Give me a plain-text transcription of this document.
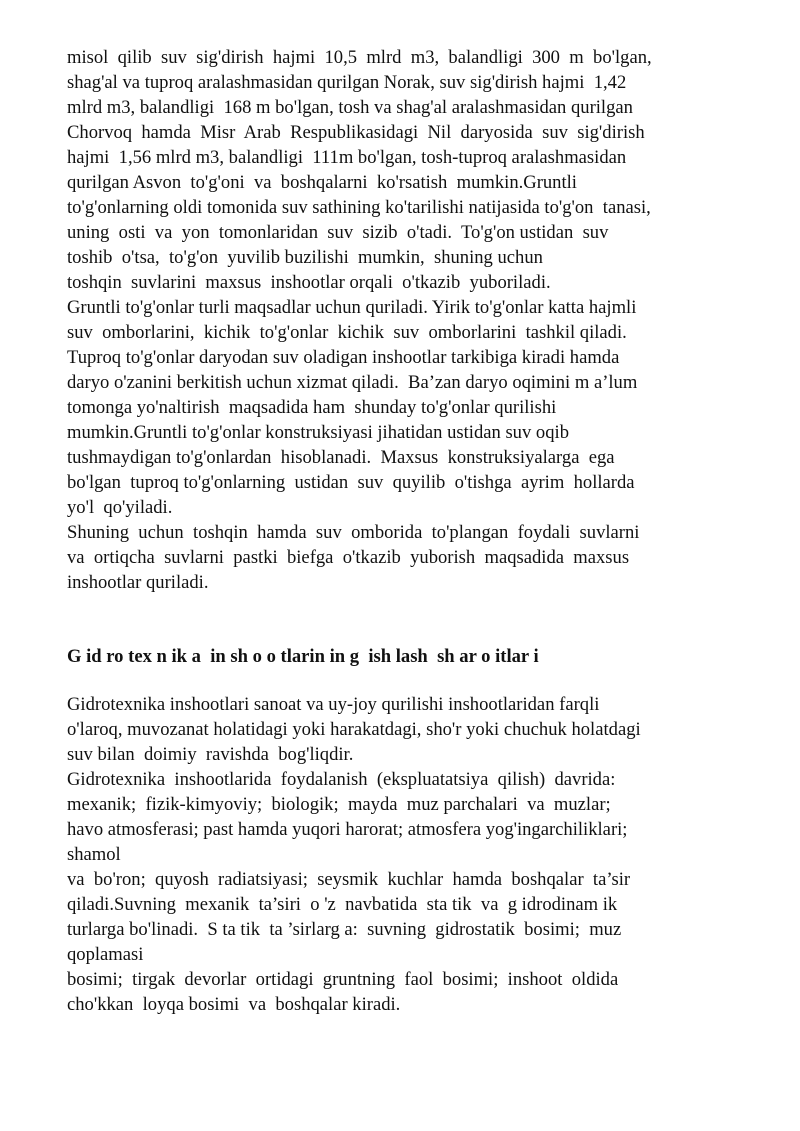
misol  qilib  suv  sig'dirish  hajmi  10,5  mlrd  m3,  balandligi  300  m  bo'lgan,

shag'al va tuproq aralashmasidan qurilgan Norak, suv sig'dirish hajmi  1,42

mlrd m3, balandligi  168 m bo'lgan, tosh va shag'al aralashmasidan qurilgan

Chorvoq  hamda  Misr  Arab  Respublikasidagi  Nil  daryosida  suv  sig'dirish

hajmi  1,56 mlrd m3, balandligi  111m bo'lgan, tosh-tuproq aralashmasidan

qurilgan Asvon  to'g'oni  va  boshqalarni  ko'rsatish  mumkin.Gruntli

to'g'onlarning oldi tomonida suv sathining ko'tarilishi natijasida to'g'on  tanasi,

uning  osti  va  yon  tomonlaridan  suv  sizib  o'tadi.  To'g'on ustidan  suv

toshib  o'tsa,  to'g'on  yuvilib buzilishi  mumkin,  shuning uchun

toshqin  suvlarini  maxsus  inshootlar orqali  o'tkazib  yuboriladi.

Gruntli to'g'onlar turli maqsadlar uchun quriladi. Yirik to'g'onlar katta hajmli

suv  omborlarini,  kichik  to'g'onlar  kichik  suv  omborlarini  tashkil qiladi.

Tuproq to'g'onlar daryodan suv oladigan inshootlar tarkibiga kiradi hamda

daryo o'zanini berkitish uchun xizmat qiladi.  Ba’zan daryo oqimini m a’lum

tomonga yo'naltirish  maqsadida ham  shunday to'g'onlar qurilishi

mumkin.Gruntli to'g'onlar konstruksiyasi jihatidan ustidan suv oqib

tushmaydigan to'g'onlardan  hisoblanadi.  Maxsus  konstruksiyalarga  ega

bo'lgan  tuproq to'g'onlarning  ustidan  suv  quyilib  o'tishga  ayrim  hollarda

yo'l  qo'yiladi.

Shuning  uchun  toshqin  hamda  suv  omborida  to'plangan  foydali  suvlarni

va  ortiqcha  suvlarni  pastki  biefga  o'tkazib  yuborish  maqsadida  maxsus

inshootlar quriladi.

G id ro tex n ik a  in sh o o tlarin in g  ish lash  sh ar o itlar i

Gidrotexnika inshootlari sanoat va uy-joy qurilishi inshootlaridan farqli

o'laroq, muvozanat holatidagi yoki harakatdagi, sho'r yoki chuchuk holatdagi

suv bilan  doimiy  ravishda  bog'liqdir.

Gidrotexnika  inshootlarida  foydalanish  (ekspluatatsiya  qilish)  davrida:

mexanik;  fizik-kimyoviy;  biologik;  mayda  muz parchalari  va  muzlar;

havo atmosferasi; past hamda yuqori harorat; atmosfera yog'ingarchiliklari;

shamol

va  bo'ron;  quyosh  radiatsiyasi;  seysmik  kuchlar  hamda  boshqalar  ta’sir

qiladi.Suvning  mexanik  ta’siri  o 'z  navbatida  sta tik  va  g idrodinam ik

turlarga bo'linadi.  S ta tik  ta ’sirlarg a:  suvning  gidrostatik  bosimi;  muz

qoplamasi

bosimi;  tirgak  devorlar  ortidagi  gruntning  faol  bosimi;  inshoot  oldida

cho'kkan  loyqa bosimi  va  boshqalar kiradi.
